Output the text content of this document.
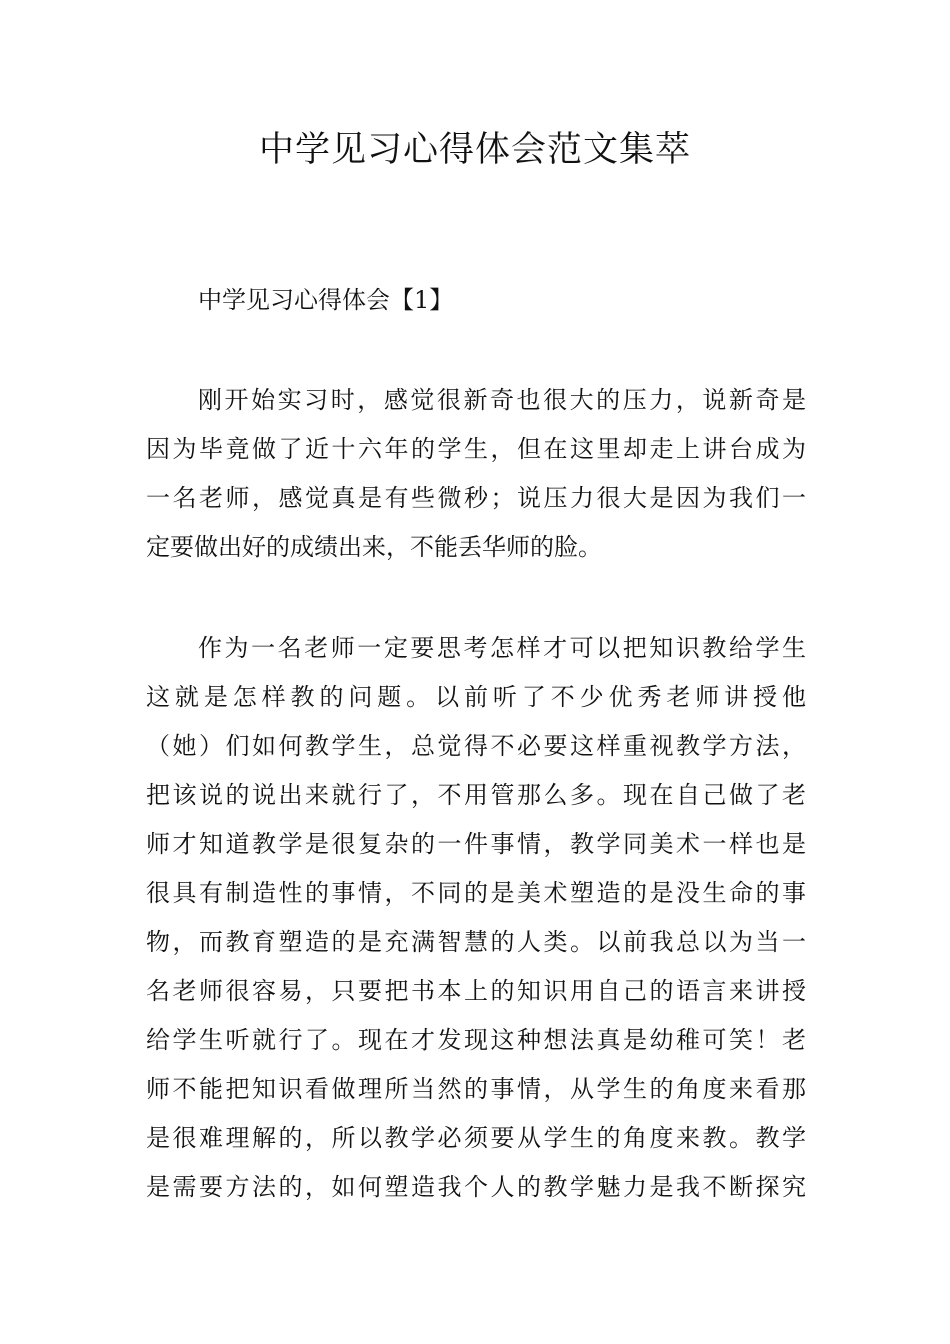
中学见习心得体会范文集萃

中学见习心得体会【1】

刚开始实习时，感觉很新奇也很大的压力，说新奇是
因为毕竟做了近十六年的学生，但在这里却走上讲台成为
一名老师，感觉真是有些微秒；说压力很大是因为我们一
定要做出好的成绩出来，不能丢华师的脸。
作为一名老师一定要思考怎样才可以把知识教给学生
这就是怎样教的问题。以前听了不少优秀老师讲授他
（她）们如何教学生，总觉得不必要这样重视教学方法，
把该说的说出来就行了，不用管那么多。现在自己做了老
师才知道教学是很复杂的一件事情，教学同美术一样也是
很具有制造性的事情，不同的是美术塑造的是没生命的事
物，而教育塑造的是充满智慧的人类。以前我总以为当一
名老师很容易，只要把书本上的知识用自己的语言来讲授
给学生听就行了。现在才发现这种想法真是幼稚可笑！老
师不能把知识看做理所当然的事情，从学生的角度来看那
是很难理解的，所以教学必须要从学生的角度来教。教学
是需要方法的，如何塑造我个人的教学魅力是我不断探究
